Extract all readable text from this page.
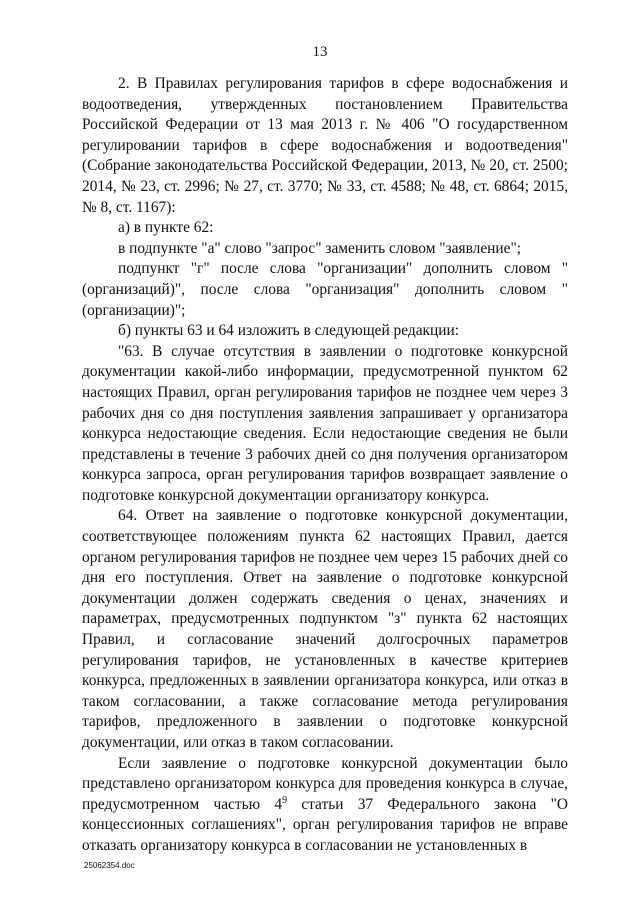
13

2. В Правилах регулирования тарифов в сфере водоснабжения и водоотведения, утвержденных постановлением Правительства Российской Федерации от 13 мая 2013 г. № 406 "О государственном регулировании тарифов в сфере водоснабжения и водоотведения" (Собрание законодательства Российской Федерации, 2013, № 20, ст. 2500; 2014, № 23, ст. 2996; № 27, ст. 3770; № 33, ст. 4588; № 48, ст. 6864; 2015, № 8, ст. 1167):

а) в пункте 62:

в подпункте "а" слово "запрос" заменить словом "заявление";

подпункт "г" после слова "организации" дополнить словом "(организаций)", после слова "организация" дополнить словом "(организации)";

б) пункты 63 и 64 изложить в следующей редакции:

"63. В случае отсутствия в заявлении о подготовке конкурсной документации какой-либо информации, предусмотренной пунктом 62 настоящих Правил, орган регулирования тарифов не позднее чем через 3 рабочих дня со дня поступления заявления запрашивает у организатора конкурса недостающие сведения. Если недостающие сведения не были представлены в течение 3 рабочих дней со дня получения организатором конкурса запроса, орган регулирования тарифов возвращает заявление о подготовке конкурсной документации организатору конкурса.

64. Ответ на заявление о подготовке конкурсной документации, соответствующее положениям пункта 62 настоящих Правил, дается органом регулирования тарифов не позднее чем через 15 рабочих дней со дня его поступления. Ответ на заявление о подготовке конкурсной документации должен содержать сведения о ценах, значениях и параметрах, предусмотренных подпунктом "з" пункта 62 настоящих Правил, и согласование значений долгосрочных параметров регулирования тарифов, не установленных в качестве критериев конкурса, предложенных в заявлении организатора конкурса, или отказ в таком согласовании, а также согласование метода регулирования тарифов, предложенного в заявлении о подготовке конкурсной документации, или отказ в таком согласовании.

Если заявление о подготовке конкурсной документации было представлено организатором конкурса для проведения конкурса в случае, предусмотренном частью $4^9$ статьи 37 Федерального закона "О концессионных соглашениях", орган регулирования тарифов не вправе отказать организатору конкурса в согласовании не установленных в

25062354.doc
